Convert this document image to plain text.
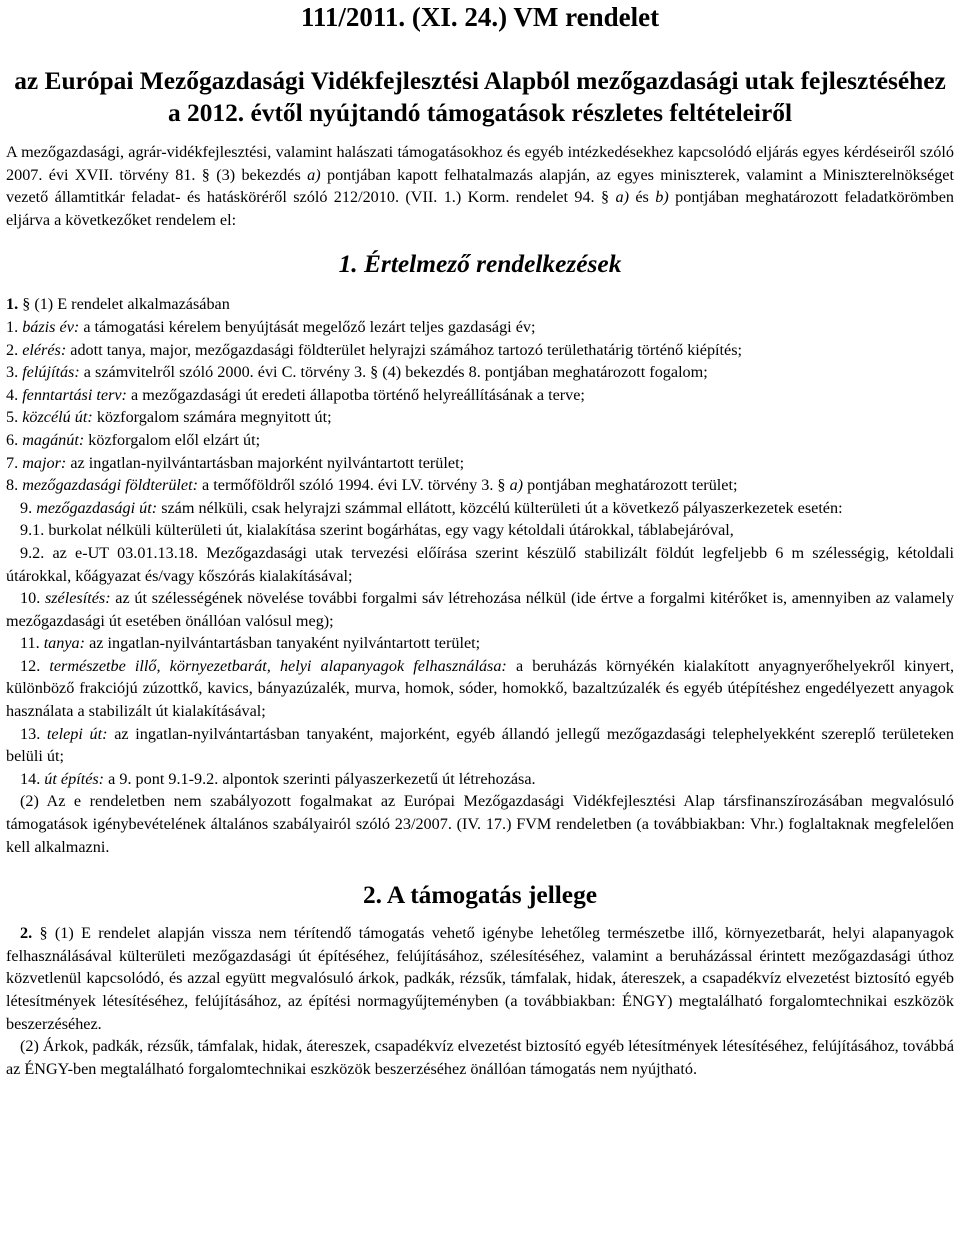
111/2011. (XI. 24.) VM rendelet
az Európai Mezőgazdasági Vidékfejlesztési Alapból mezőgazdasági utak fejlesztéséhez a 2012. évtől nyújtandó támogatások részletes feltételeiről

A mezőgazdasági, agrár-vidékfejlesztési, valamint halászati támogatásokhoz és egyéb intézkedésekhez kapcsolódó eljárás egyes kérdéseiről szóló 2007. évi XVII. törvény 81. § (3) bekezdés a) pontjában kapott felhatalmazás alapján, az egyes miniszterek, valamint a Miniszterelnökséget vezető államtitkár feladat- és hatásköréről szóló 212/2010. (VII. 1.) Korm. rendelet 94. § a) és b) pontjában meghatározott feladatkörömben eljárva a következőket rendelem el:

1. Értelmező rendelkezések

1. § (1) E rendelet alkalmazásában

1. bázis év: a támogatási kérelem benyújtását megelőző lezárt teljes gazdasági év;

2. elérés: adott tanya, major, mezőgazdasági földterület helyrajzi számához tartozó területhatárig történő kiépítés;

3. felújítás: a számvitelről szóló 2000. évi C. törvény 3. § (4) bekezdés 8. pontjában meghatározott fogalom;

4. fenntartási terv: a mezőgazdasági út eredeti állapotba történő helyreállításának a terve;

5. közcélú út: közforgalom számára megnyitott út;

6. magánút: közforgalom elől elzárt út;

7. major: az ingatlan-nyilvántartásban majorként nyilvántartott terület;

8. mezőgazdasági földterület: a termőföldről szóló 1994. évi LV. törvény 3. § a) pontjában meghatározott terület;

9. mezőgazdasági út: szám nélküli, csak helyrajzi számmal ellátott, közcélú külterületi út a következő pályaszerkezetek esetén:

9.1. burkolat nélküli külterületi út, kialakítása szerint bogárhátas, egy vagy kétoldali útárokkal, táblabejáróval,

9.2. az e-UT 03.01.13.18. Mezőgazdasági utak tervezési előírása szerint készülő stabilizált földút legfeljebb 6 m szélességig, kétoldali útárokkal, kőágyazat és/vagy kőszórás kialakításával;

10. szélesítés: az út szélességének növelése további forgalmi sáv létrehozása nélkül (ide értve a forgalmi kitérőket is, amennyiben az valamely mezőgazdasági út esetében önállóan valósul meg);

11. tanya: az ingatlan-nyilvántartásban tanyaként nyilvántartott terület;

12. természetbe illő, környezetbarát, helyi alapanyagok felhasználása: a beruházás környékén kialakított anyagnyerőhelyekről kinyert, különböző frakciójú zúzottkő, kavics, bányazúzalék, murva, homok, sóder, homokkő, bazaltzúzalék és egyéb útépítéshez engedélyezett anyagok használata a stabilizált út kialakításával;

13. telepi út: az ingatlan-nyilvántartásban tanyaként, majorként, egyéb állandó jellegű mezőgazdasági telephelyekként szereplő területeken belüli út;

14. út építés: a 9. pont 9.1-9.2. alpontok szerinti pályaszerkezetű út létrehozása.

(2) Az e rendeletben nem szabályozott fogalmakat az Európai Mezőgazdasági Vidékfejlesztési Alap társfinanszírozásában megvalósuló támogatások igénybevételének általános szabályairól szóló 23/2007. (IV. 17.) FVM rendeletben (a továbbiakban: Vhr.) foglaltaknak megfelelően kell alkalmazni.

2. A támogatás jellege

2. § (1) E rendelet alapján vissza nem térítendő támogatás vehető igénybe lehetőleg természetbe illő, környezetbarát, helyi alapanyagok felhasználásával külterületi mezőgazdasági út építéséhez, felújításához, szélesítéséhez, valamint a beruházással érintett mezőgazdasági úthoz közvetlenül kapcsolódó, és azzal együtt megvalósuló árkok, padkák, rézsűk, támfalak, hidak, átereszek, a csapadékvíz elvezetést biztosító egyéb létesítmények létesítéséhez, felújításához, az építési normagyűjteményben (a továbbiakban: ÉNGY) megtalálható forgalomtechnikai eszközök beszerzéséhez.

(2) Árkok, padkák, rézsűk, támfalak, hidak, átereszek, csapadékvíz elvezetést biztosító egyéb létesítmények létesítéséhez, felújításához, továbbá az ÉNGY-ben megtalálható forgalomtechnikai eszközök beszerzéséhez önállóan támogatás nem nyújtható.
